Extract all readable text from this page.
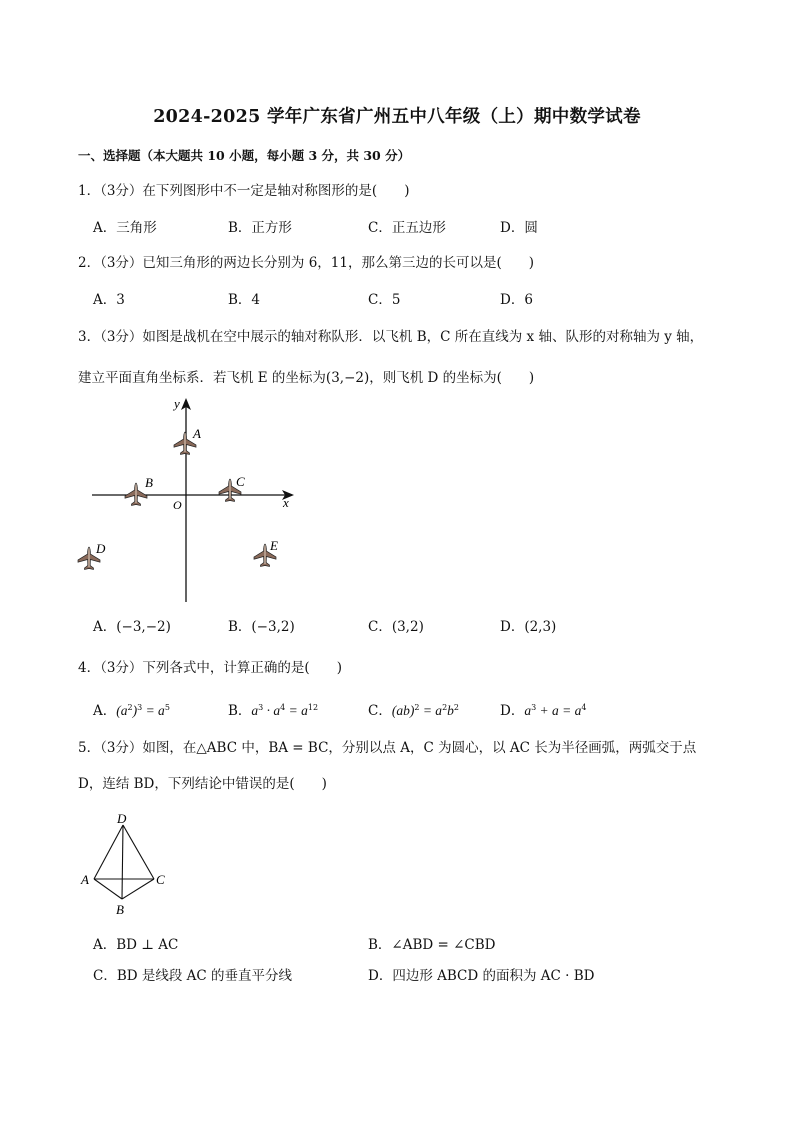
2024-2025 学年广东省广州五中八年级（上）期中数学试卷
一、选择题（本大题共 10 小题，每小题 3 分，共 30 分）
1．（3分）在下列图形中不一定是轴对称图形的是(　　)
A．三角形	B．正方形	C．正五边形	D．圆
2．（3分）已知三角形的两边长分别为 6，11，那么第三边的长可以是(　　)
A．3	B．4	C．5	D．6
3．（3分）如图是战机在空中展示的轴对称队形．以飞机 B，C 所在直线为 x 轴、队形的对称轴为 y 轴，
建立平面直角坐标系．若飞机 E 的坐标为(3,−2)，则飞机 D 的坐标为(　　)
y
x
O
A
B	C
D	E
A．(−3,−2)	B．(−3,2)	C．(3,2)	D．(2,3)
4．（3分）下列各式中，计算正确的是(　　)
A．$(a^2)^3 = a^5$	B．$a^3 \cdot a^4 = a^{12}$	C．$(ab)^2 = a^2b^2$	D．$a^3 + a = a^4$
5．（3分）如图，在△ABC 中，BA = BC，分别以点 A，C 为圆心，以 AC 长为半径画弧，两弧交于点
D，连结 BD，下列结论中错误的是(　　)
D
A	C
B
A．BD ⊥ AC	B．∠ABD = ∠CBD
C．BD 是线段 AC 的垂直平分线	D．四边形 ABCD 的面积为 AC · BD
